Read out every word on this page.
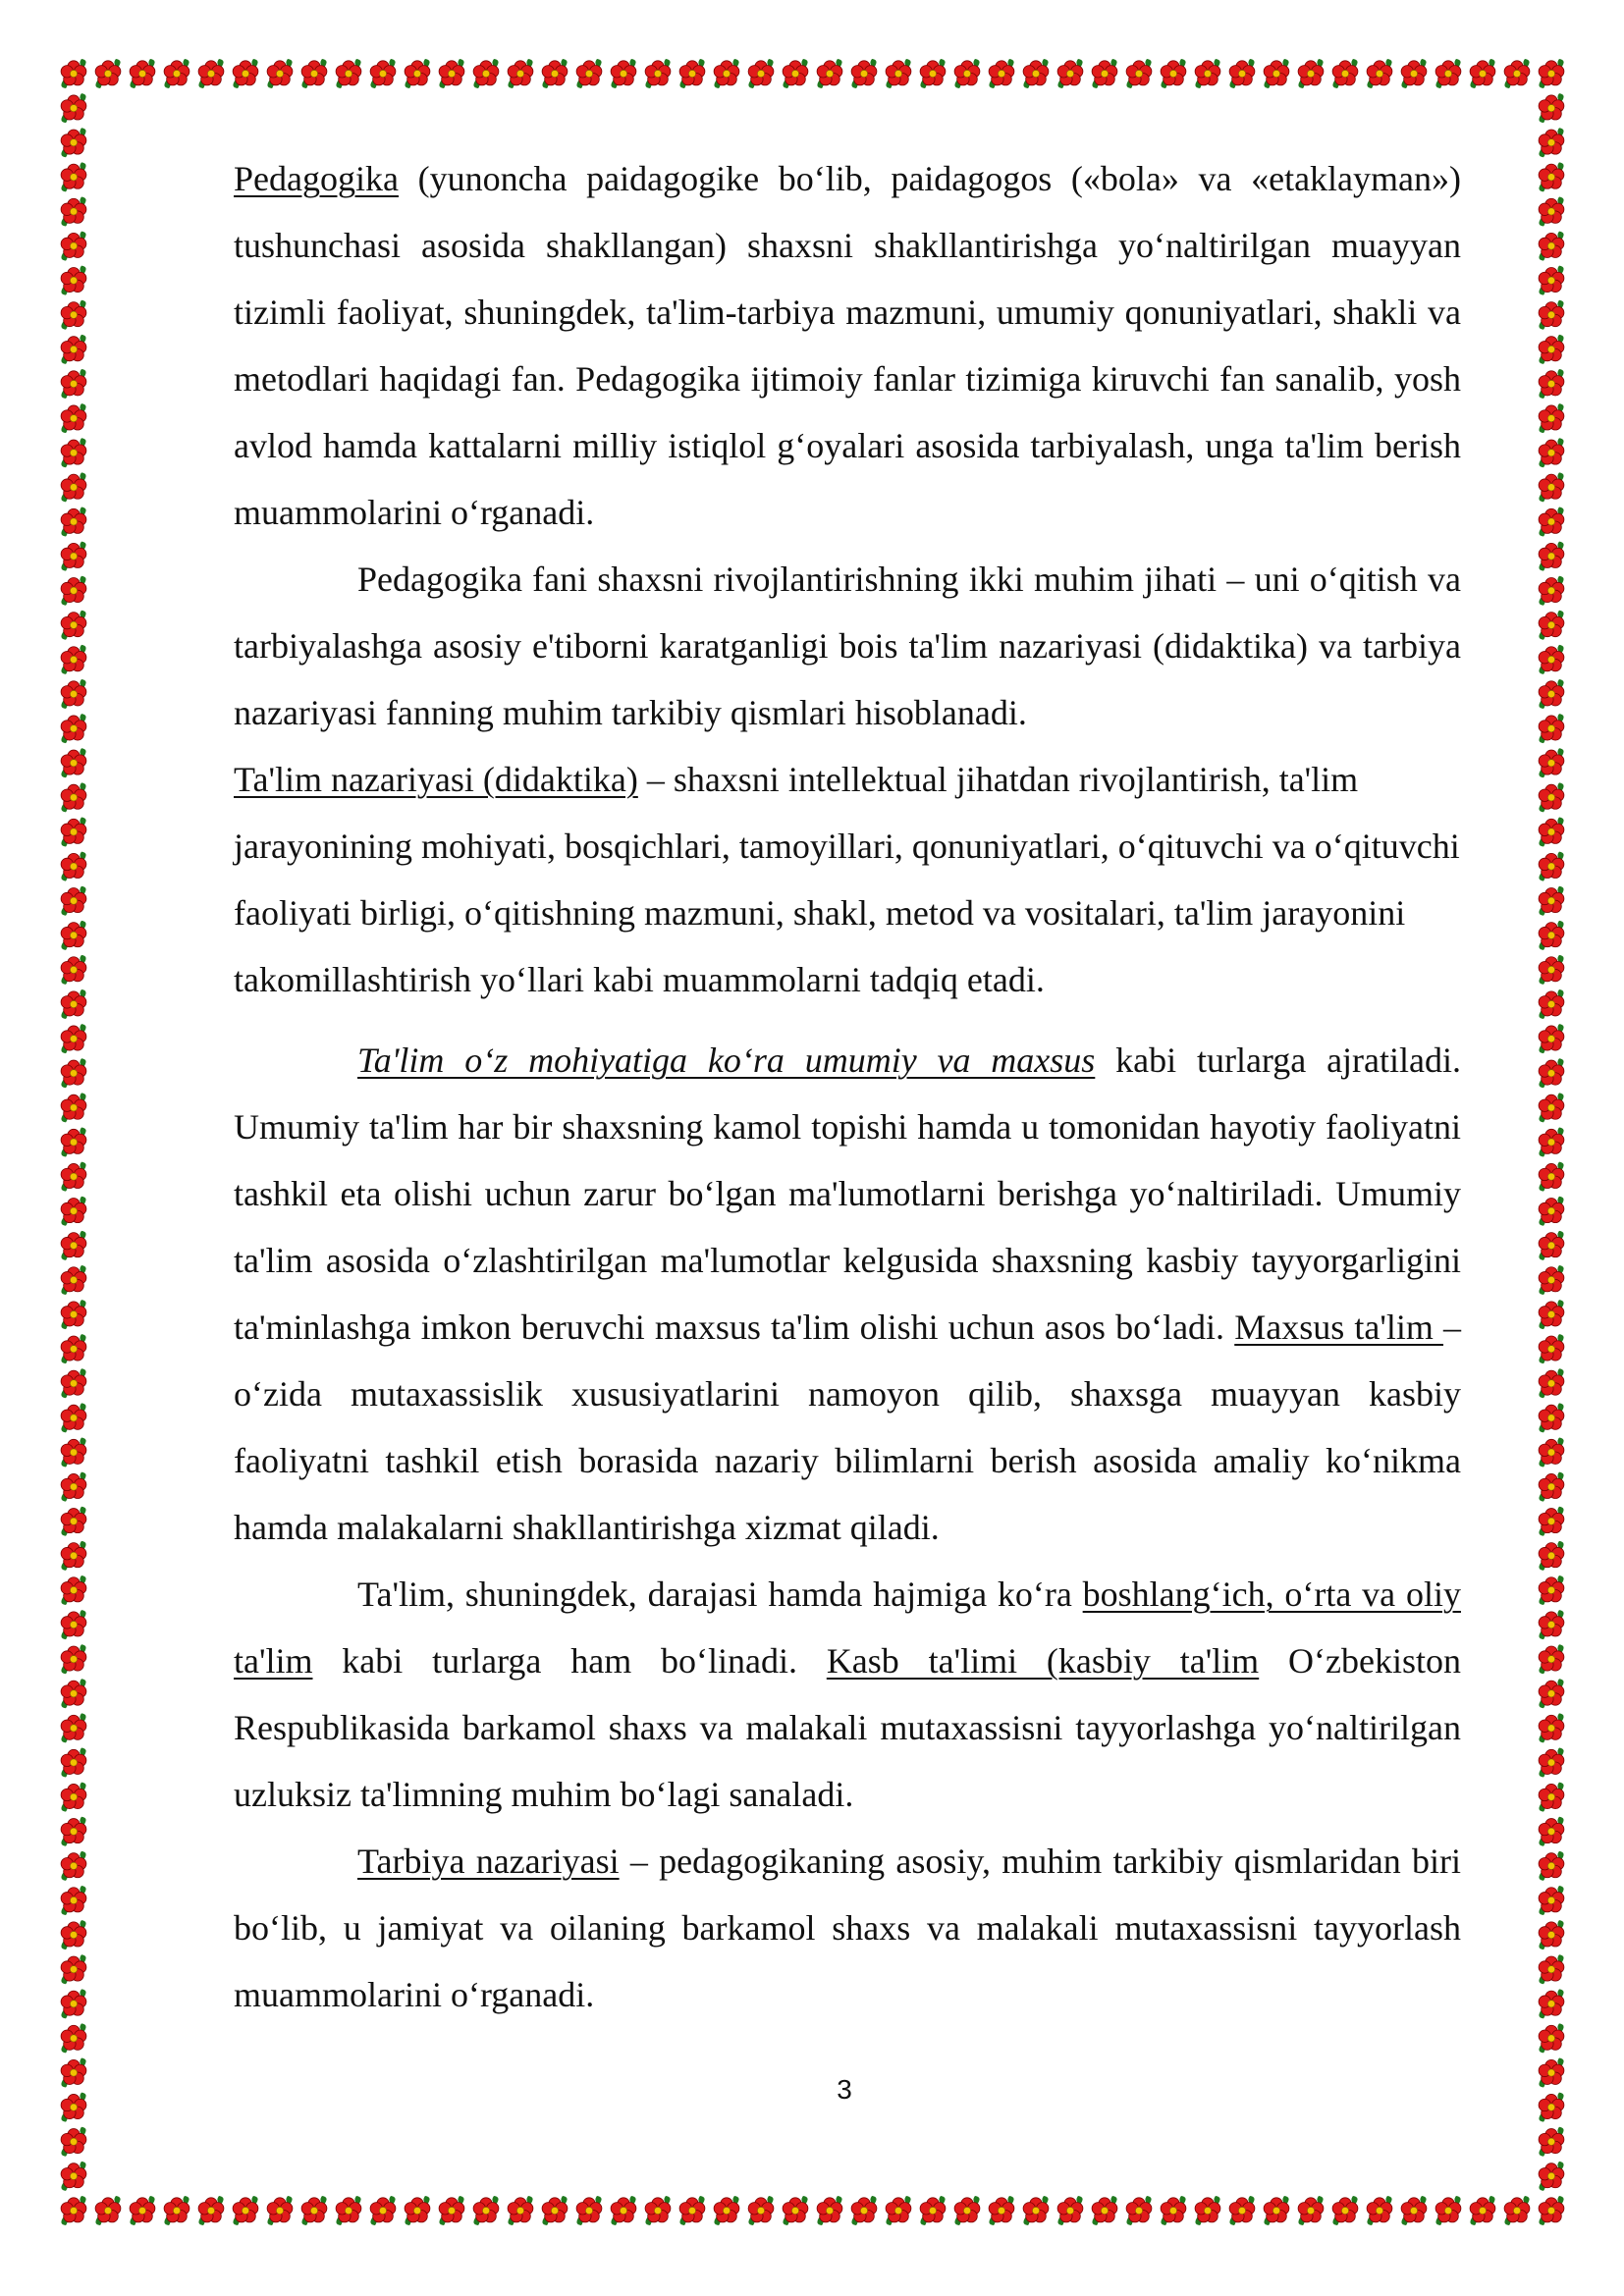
Pedagogika (yunoncha paidagogike bo‘lib, paidagogos («bola» va «etaklayman») tushunchasi asosida shakllangan) shaxsni shakllantirishga yo‘naltirilgan muayyan tizimli faoliyat, shuningdek, ta'lim-tarbiya mazmuni, umumiy qonuniyatlari, shakli va metodlari haqidagi fan. Pedagogika ijtimoiy fanlar tizimiga kiruvchi fan sanalib, yosh avlod hamda kattalarni milliy istiqlol g‘oyalari asosida tarbiyalash, unga ta'lim berish muammolarini o‘rganadi.

Pedagogika fani shaxsni rivojlantirishning ikki muhim jihati – uni o‘qitish va tarbiyalashga asosiy e'tiborni karatganligi bois ta'lim nazariyasi (didaktika) va tarbiya nazariyasi fanning muhim tarkibiy qismlari hisoblanadi.

Ta'lim nazariyasi (didaktika) – shaxsni intellektual jihatdan rivojlantirish, ta'lim jarayonining mohiyati, bosqichlari, tamoyillari, qonuniyatlari, o‘qituvchi va o‘qituvchi faoliyati birligi, o‘qitishning mazmuni, shakl, metod va vositalari, ta'lim jarayonini takomillashtirish yo‘llari kabi muammolarni tadqiq etadi.

Ta'lim o‘z mohiyatiga ko‘ra umumiy va maxsus kabi turlarga ajratiladi. Umumiy ta'lim har bir shaxsning kamol topishi hamda u tomonidan hayotiy faoliyatni tashkil eta olishi uchun zarur bo‘lgan ma'lumotlarni berishga yo‘naltiriladi. Umumiy ta'lim asosida o‘zlashtirilgan ma'lumotlar kelgusida shaxsning kasbiy tayyorgarligini ta'minlashga imkon beruvchi maxsus ta'lim olishi uchun asos bo‘ladi. Maxsus ta'lim – o‘zida mutaxassislik xususiyatlarini namoyon qilib, shaxsga muayyan kasbiy faoliyatni tashkil etish borasida nazariy bilimlarni berish asosida amaliy ko‘nikma hamda malakalarni shakllantirishga xizmat qiladi.

Ta'lim, shuningdek, darajasi hamda hajmiga ko‘ra boshlang‘ich, o‘rta va oliy ta'lim kabi turlarga ham bo‘linadi. Kasb ta'limi (kasbiy ta'lim O‘zbekiston Respublikasida barkamol shaxs va malakali mutaxassisni tayyorlashga yo‘naltirilgan uzluksiz ta'limning muhim bo‘lagi sanaladi.

Tarbiya nazariyasi – pedagogikaning asosiy, muhim tarkibiy qismlaridan biri bo‘lib, u jamiyat va oilaning barkamol shaxs va malakali mutaxassisni tayyorlash muammolarini o‘rganadi.

3
